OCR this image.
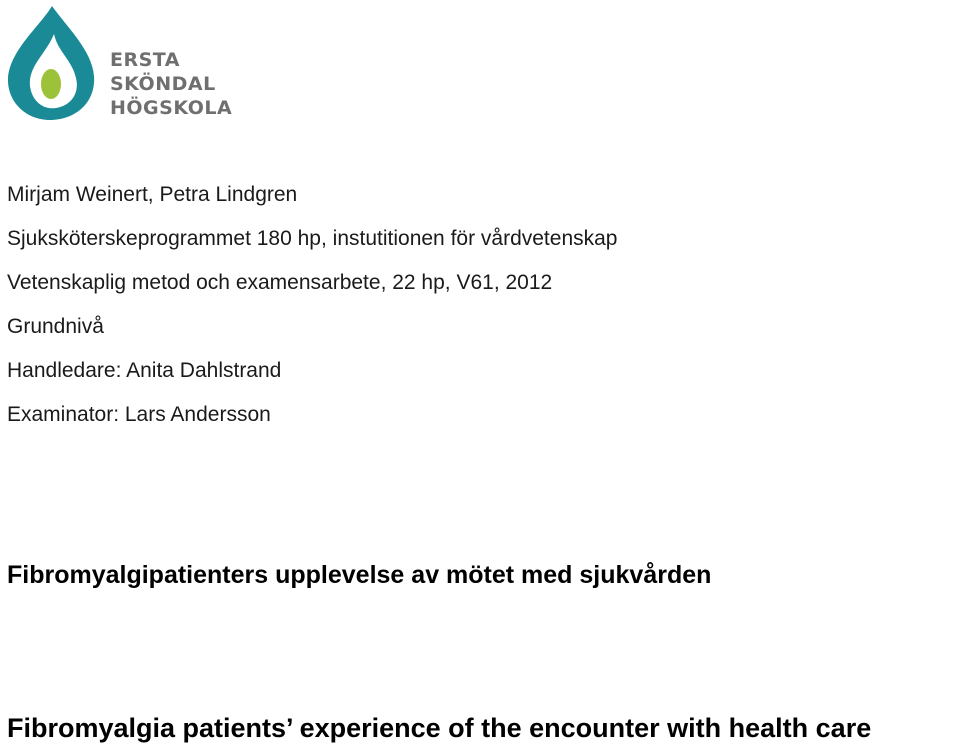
ERSTA
SKÖNDAL
HÖGSKOLA
Mirjam Weinert, Petra Lindgren
Sjuksköterskeprogrammet 180 hp, instutitionen för vårdvetenskap
Vetenskaplig metod och examensarbete, 22 hp, V61, 2012
Grundnivå
Handledare: Anita Dahlstrand
Examinator: Lars Andersson
Fibromyalgipatienters upplevelse av mötet med sjukvården
Fibromyalgia patients’ experience of the encounter with health care
